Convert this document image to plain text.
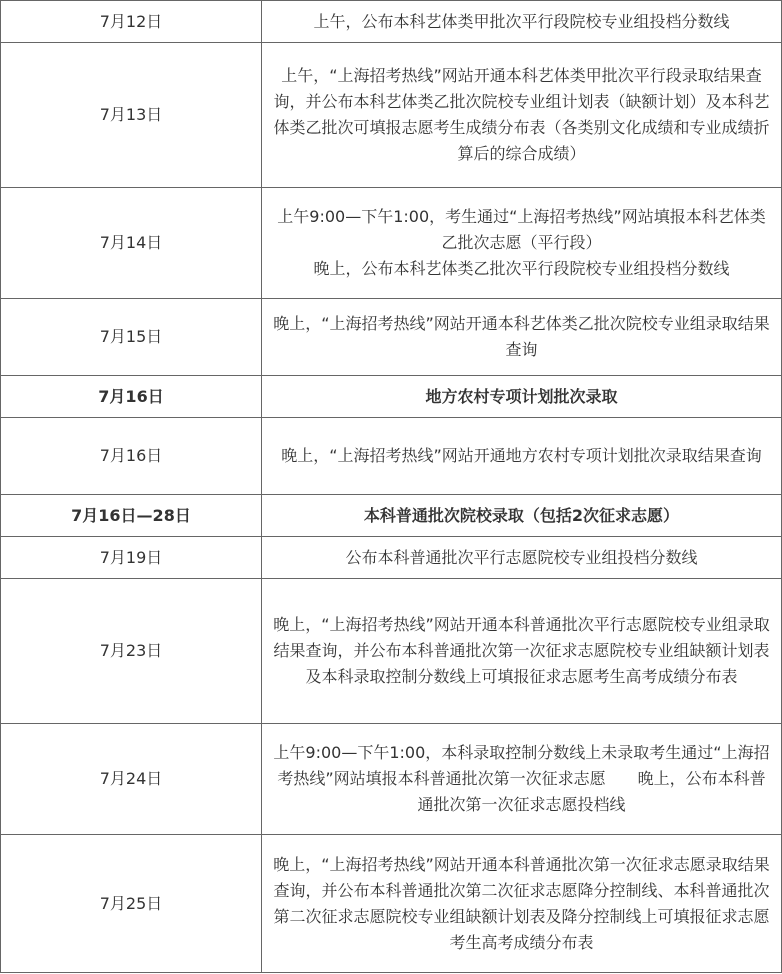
7月12日	上午，公布本科艺体类甲批次平行段院校专业组投档分数线

7月13日	上午，“上海招考热线”网站开通本科艺体类甲批次平行段录取结果查询，并公布本科艺体类乙批次院校专业组计划表（缺额计划）及本科艺体类乙批次可填报志愿考生成绩分布表（各类别文化成绩和专业成绩折算后的综合成绩）

7月14日	上午9:00—下午1:00，考生通过“上海招考热线”网站填报本科艺体类乙批次志愿（平行段）
晚上，公布本科艺体类乙批次平行段院校专业组投档分数线

7月15日	晚上，“上海招考热线”网站开通本科艺体类乙批次院校专业组录取结果查询

7月16日	地方农村专项计划批次录取

7月16日	晚上，“上海招考热线”网站开通地方农村专项计划批次录取结果查询

7月16日—28日	本科普通批次院校录取（包括2次征求志愿）

7月19日	公布本科普通批次平行志愿院校专业组投档分数线

7月23日	晚上，“上海招考热线”网站开通本科普通批次平行志愿院校专业组录取结果查询，并公布本科普通批次第一次征求志愿院校专业组缺额计划表及本科录取控制分数线上可填报征求志愿考生高考成绩分布表

7月24日	上午9:00—下午1:00，本科录取控制分数线上未录取考生通过“上海招考热线”网站填报本科普通批次第一次征求志愿　　晚上，公布本科普通批次第一次征求志愿投档线

7月25日	晚上，“上海招考热线”网站开通本科普通批次第一次征求志愿录取结果查询，并公布本科普通批次第二次征求志愿降分控制线、本科普通批次第二次征求志愿院校专业组缺额计划表及降分控制线上可填报征求志愿考生高考成绩分布表
